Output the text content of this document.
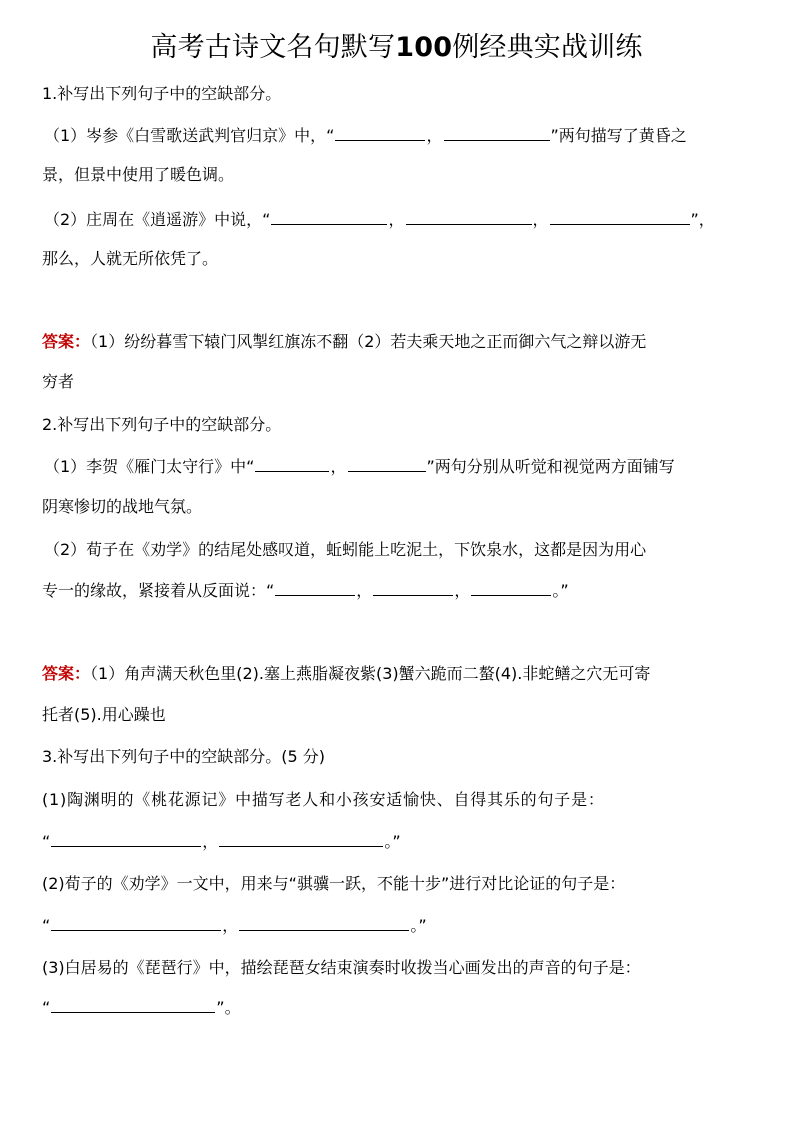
高考古诗文名句默写100例经典实战训练
1.补写出下列句子中的空缺部分。
（1）岑参《白雪歌送武判官归京》中，“	，	”两句描写了黄昏之
景，但景中使用了暖色调。
（2）庄周在《逍遥游》中说，“	，	，	”，
那么，人就无所依凭了。
答案：（1）纷纷暮雪下辕门风掣红旗冻不翻（2）若夫乘天地之正而御六气之辩以游无
穷者
2.补写出下列句子中的空缺部分。
（1）李贺《雁门太守行》中“	，	”两句分别从听觉和视觉两方面铺写
阴寒惨切的战地气氛。
（2）荀子在《劝学》的结尾处感叹道，蚯蚓能上吃泥土，下饮泉水，这都是因为用心
专一的缘故，紧接着从反面说：“	，	，	。”
答案：（1）角声满天秋色里(2).塞上燕脂凝夜紫(3)蟹六跪而二螯(4).非蛇鳝之穴无可寄
托者(5).用心躁也
3.补写出下列句子中的空缺部分。(5 分)
(1)陶渊明的《桃花源记》中描写老人和小孩安适愉快、自得其乐的句子是：
“	，	。”
(2)荀子的《劝学》一文中，用来与“骐骥一跃，不能十步”进行对比论证的句子是：
“	，	。”
(3)白居易的《琵琶行》中，描绘琵琶女结束演奏时收拨当心画发出的声音的句子是：
“	”。
